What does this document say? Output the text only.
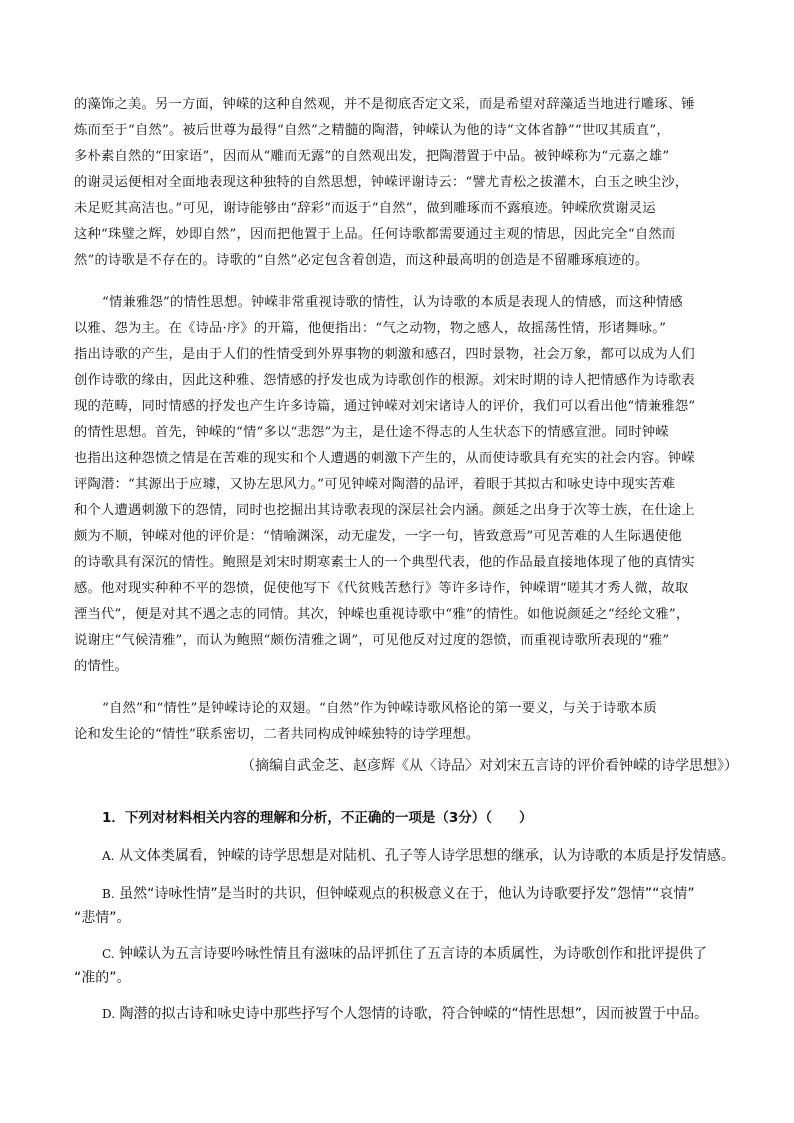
的藻饰之美。另一方面，钟嵘的这种自然观，并不是彻底否定文采，而是希望对辞藻适当地进行雕琢、锤
炼而至于“自然”。被后世尊为最得“自然”之精髓的陶潜，钟嵘认为他的诗“文体省静”“世叹其质直”，
多朴素自然的“田家语”，因而从“雕而无露”的自然观出发，把陶潜置于中品。被钟嵘称为“元嘉之雄”
的谢灵运便相对全面地表现这种独特的自然思想，钟嵘评谢诗云：“譬尤青松之拔灌木，白玉之映尘沙，
未足贬其高洁也。”可见，谢诗能够由“辞彩”而返于“自然”，做到雕琢而不露痕迹。钟嵘欣赏谢灵运
这种“珠璧之辉，妙即自然”，因而把他置于上品。任何诗歌都需要通过主观的情思，因此完全“自然而
然”的诗歌是不存在的。诗歌的“自然”必定包含着创造，而这种最高明的创造是不留雕琢痕迹的。
“情兼雅怨”的情性思想。钟嵘非常重视诗歌的情性，认为诗歌的本质是表现人的情感，而这种情感
以雅、怨为主。在《诗品·序》的开篇，他便指出：“气之动物，物之感人，故摇荡性情，形诸舞咏。”
指出诗歌的产生，是由于人们的性情受到外界事物的刺激和感召，四时景物，社会万象，都可以成为人们
创作诗歌的缘由，因此这种雅、怨情感的抒发也成为诗歌创作的根源。刘宋时期的诗人把情感作为诗歌表
现的范畴，同时情感的抒发也产生许多诗篇，通过钟嵘对刘宋诸诗人的评价，我们可以看出他“情兼雅怨”
的情性思想。首先，钟嵘的“情”多以“悲怨”为主，是仕途不得志的人生状态下的情感宣泄。同时钟嵘
也指出这种怨愤之情是在苦难的现实和个人遭遇的刺激下产生的，从而使诗歌具有充实的社会内容。钟嵘
评陶潜：“其源出于应璩，又协左思风力。”可见钟嵘对陶潜的品评，着眼于其拟古和咏史诗中现实苦难
和个人遭遇刺激下的怨情，同时也挖掘出其诗歌表现的深层社会内涵。颜延之出身于次等士族，在仕途上
颇为不顺，钟嵘对他的评价是：“情喻渊深，动无虚发，一字一句，皆致意焉”可见苦难的人生际遇使他
的诗歌具有深沉的情性。鲍照是刘宋时期寒素士人的一个典型代表，他的作品最直接地体现了他的真情实
感。他对现实种种不平的怨愤，促使他写下《代贫贱苦愁行》等许多诗作，钟嵘谓“嗟其才秀人微，故取
湮当代”，便是对其不遇之志的同情。其次，钟嵘也重视诗歌中“雅”的情性。如他说颜延之“经纶文雅”，
说谢庄“气候清雅”，而认为鲍照“颇伤清雅之调”，可见他反对过度的怨愤，而重视诗歌所表现的“雅”
的情性。
“自然”和“情性”是钟嵘诗论的双翅。“自然”作为钟嵘诗歌风格论的第一要义，与关于诗歌本质
论和发生论的“情性”联系密切，二者共同构成钟嵘独特的诗学理想。
（摘编自武金芝、赵彦辉《从〈诗品〉对刘宋五言诗的评价看钟嵘的诗学思想》）
1．下列对材料相关内容的理解和分析，不正确的一项是（3分）（　　）
A. 从文体类属看，钟嵘的诗学思想是对陆机、孔子等人诗学思想的继承，认为诗歌的本质是抒发情感。
B. 虽然“诗咏性情”是当时的共识，但钟嵘观点的积极意义在于，他认为诗歌要抒发”怨情”“哀情”
“悲情”。
C. 钟嵘认为五言诗要吟咏性情且有滋味的品评抓住了五言诗的本质属性，为诗歌创作和批评提供了
“准的”。
D. 陶潜的拟古诗和咏史诗中那些抒写个人怨情的诗歌，符合钟嵘的“情性思想”，因而被置于中品。
